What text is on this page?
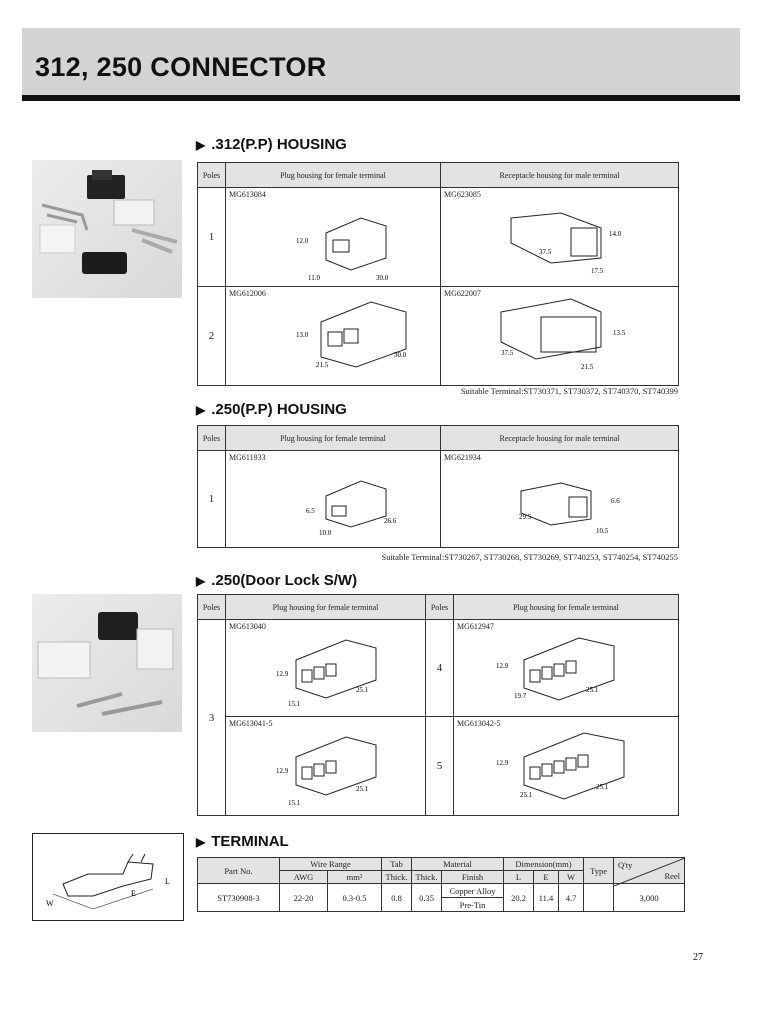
312, 250 CONNECTOR
W
E
L
▶ .312(P.P) HOUSING
Poles	Plug housing for female terminal	Receptacle housing for male terminal
1	MG613084
12.0
30.0
11.0	MG623085
14.0
37.5
17.5

2	MG612006
13.0
30.0
21.5	MG622007
13.5
37.5
21.5
Suitable Terminal:ST730371, ST730372, ST740370, ST740399
▶ .250(P.P) HOUSING
Poles	Plug housing for female terminal	Receptacle housing for male terminal
1	MG611933
6.5
26.6
10.0	MG621934
6.6
29.5
10.5
Suitable Terminal:ST730267, ST730268, ST730269, ST740253, ST740254, ST740255
▶ .250(Door Lock S/W)
Poles	Plug housing for female terminal	Poles	Plug housing for female terminal
3	MG613040
12.9
15.1
25.1	4	MG612947
12.9
19.7
25.1

	MG613041-5
12.9
15.1
25.1	5	MG613042-5
12.9
25.1
25.1
▶ TERMINAL
Part No.	Wire Range		Tab	Material		Dimension(mm)			Type	Q'ty
Reel

	AWG	mm²	Thick.	Thick.	Finish	L	E	W		
ST730908-3	22-20	0.3-0.5	0.8	0.35	Copper Alloy	20.2	11.4	4.7		3,000
					Pre-Tin					
27
